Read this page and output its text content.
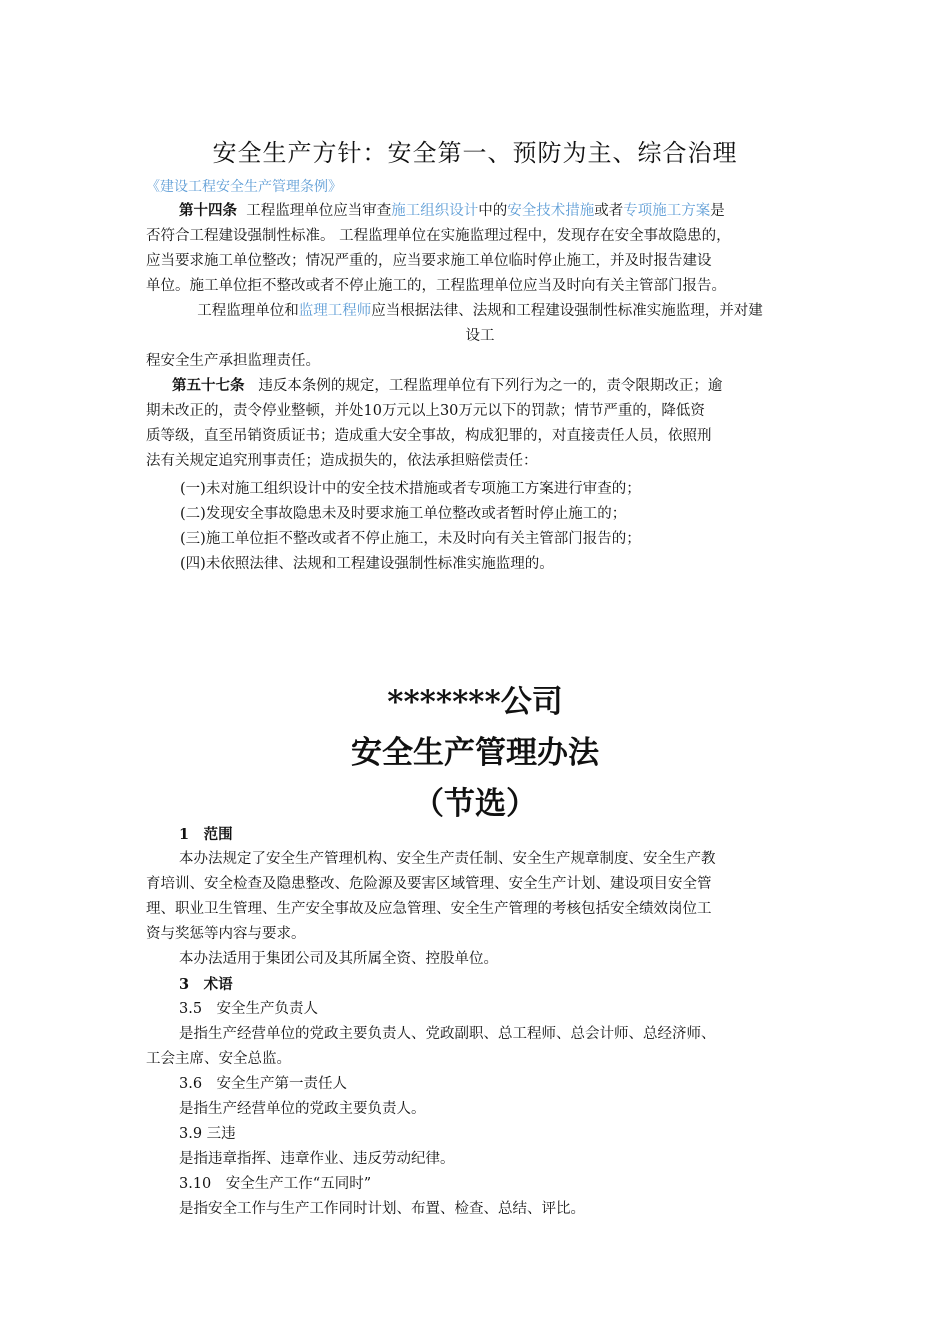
安全生产方针：安全第一、预防为主、综合治理
《建设工程安全生产管理条例》

第十四条 工程监理单位应当审查施工组织设计中的安全技术措施或者专项施工方案是

否符合工程建设强制性标准。 工程监理单位在实施监理过程中，发现存在安全事故隐患的，

应当要求施工单位整改；情况严重的，应当要求施工单位临时停止施工，并及时报告建设

单位。施工单位拒不整改或者不停止施工的，工程监理单位应当及时向有关主管部门报告。

工程监理单位和监理工程师应当根据法律、法规和工程建设强制性标准实施监理，并对建

设工

程安全生产承担监理责任。

第五十七条 违反本条例的规定，工程监理单位有下列行为之一的，责令限期改正；逾

期未改正的，责令停业整顿，并处10万元以上30万元以下的罚款；情节严重的，降低资

质等级，直至吊销资质证书；造成重大安全事故，构成犯罪的，对直接责任人员，依照刑

法有关规定追究刑事责任；造成损失的，依法承担赔偿责任：

(一)未对施工组织设计中的安全技术措施或者专项施工方案进行审查的；
(二)发现安全事故隐患未及时要求施工单位整改或者暂时停止施工的；
(三)施工单位拒不整改或者不停止施工，未及时向有关主管部门报告的；
(四)未依照法律、法规和工程建设强制性标准实施监理的。
*******公司
安全生产管理办法
（节选）

1　范围

本办法规定了安全生产管理机构、安全生产责任制、安全生产规章制度、安全生产教

育培训、安全检查及隐患整改、危险源及要害区域管理、安全生产计划、建设项目安全管

理、职业卫生管理、生产安全事故及应急管理、安全生产管理的考核包括安全绩效岗位工

资与奖惩等内容与要求。

本办法适用于集团公司及其所属全资、控股单位。

3　术语

3.5　安全生产负责人

是指生产经营单位的党政主要负责人、党政副职、总工程师、总会计师、总经济师、

工会主席、安全总监。

3.6　安全生产第一责任人

是指生产经营单位的党政主要负责人。

3.9 三违

是指违章指挥、违章作业、违反劳动纪律。

3.10　安全生产工作“五同时”

是指安全工作与生产工作同时计划、布置、检查、总结、评比。
